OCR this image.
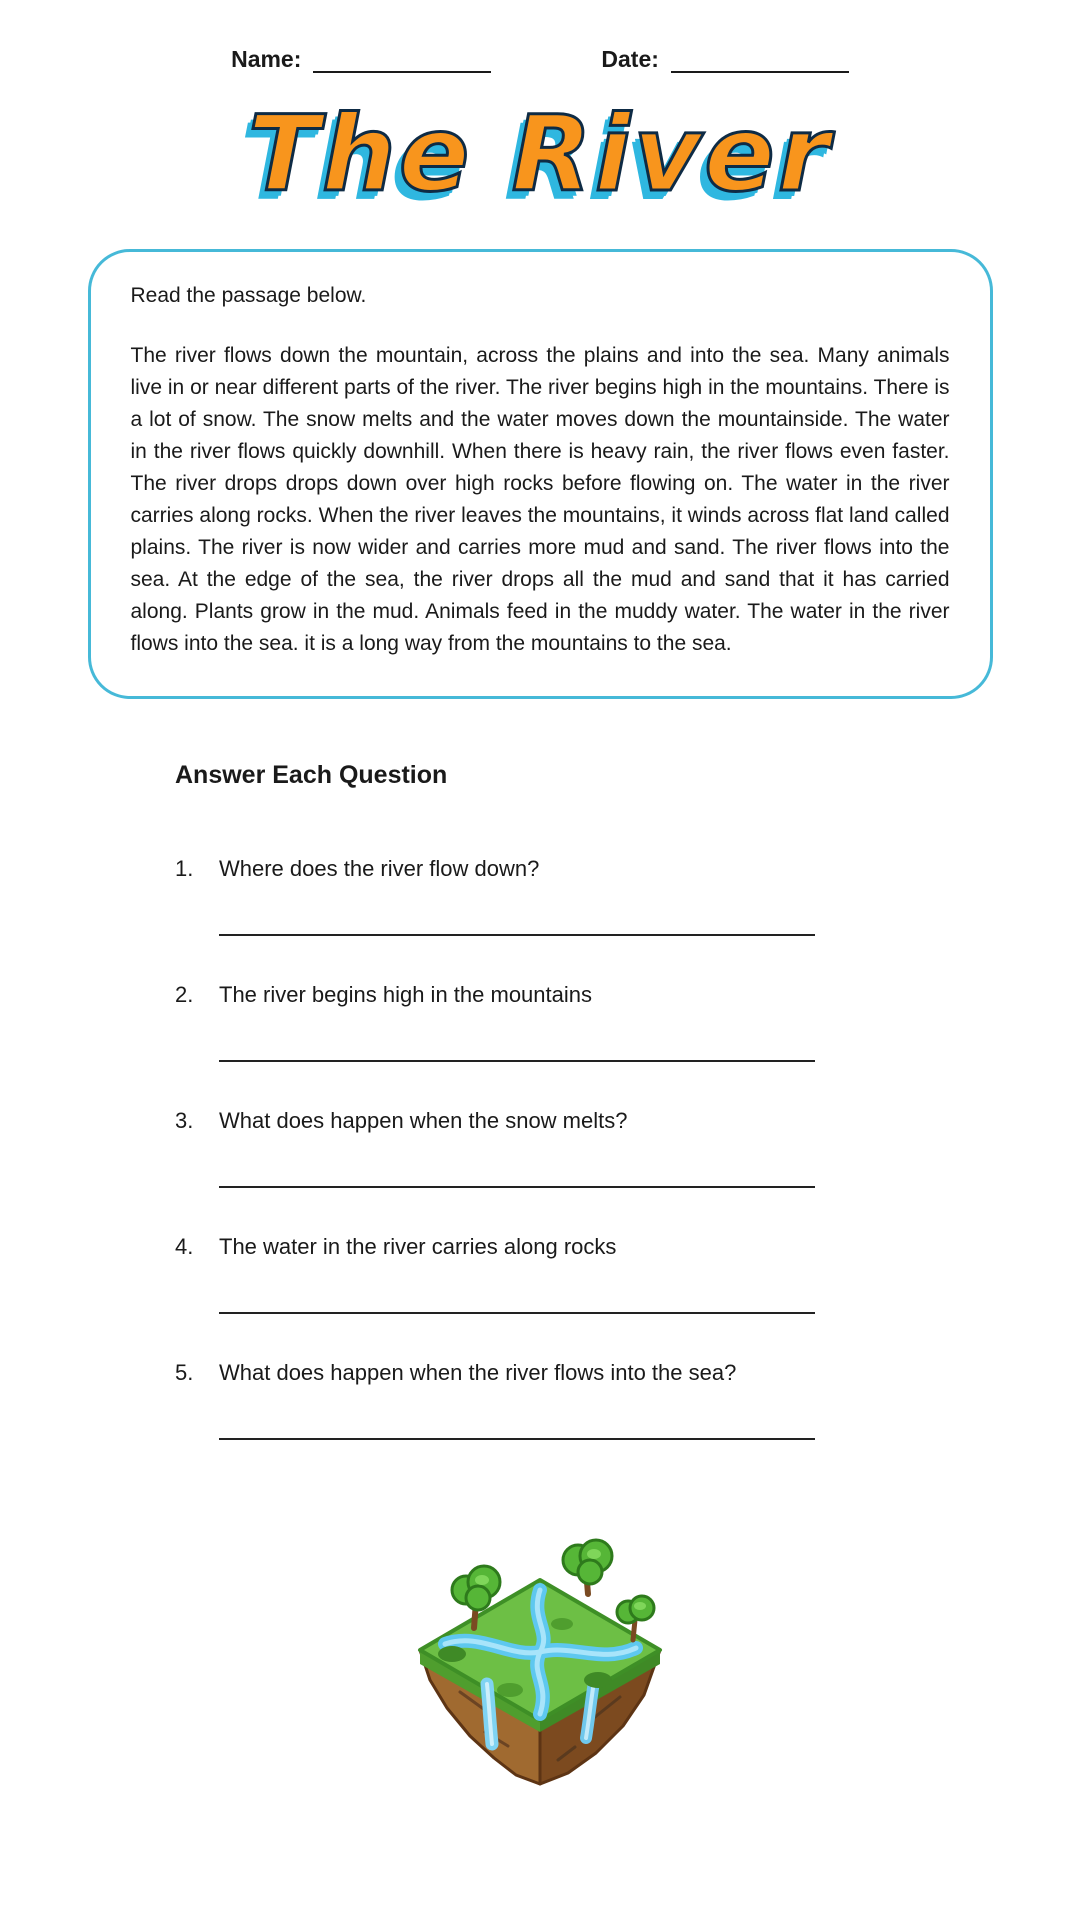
Name:	Date:
The River
Read the passage below.
The river flows down the mountain, across the plains and into the sea. Many animals live in or near different parts of the river. The river begins high in the mountains. There is a lot of snow. The snow melts and the water moves down the mountainside. The water in the river flows quickly downhill. When there is heavy rain, the river flows even faster. The river drops drops down over high rocks before flowing on. The water in the river carries along rocks. When the river leaves the mountains, it winds across flat land called plains. The river is now wider and carries more mud and sand. The river flows into the sea. At the edge of the sea, the river drops all the mud and sand that it has carried along. Plants grow in the mud. Animals feed in the muddy water. The water in the river flows into the sea. it is a long way from the mountains to the sea.
Answer Each Question
1.	Where does the river flow down?
2.	The river begins high in the mountains
3.	What does happen when the snow melts?
4.	The water in the river carries along rocks
5.	What does happen when the river flows into the sea?
